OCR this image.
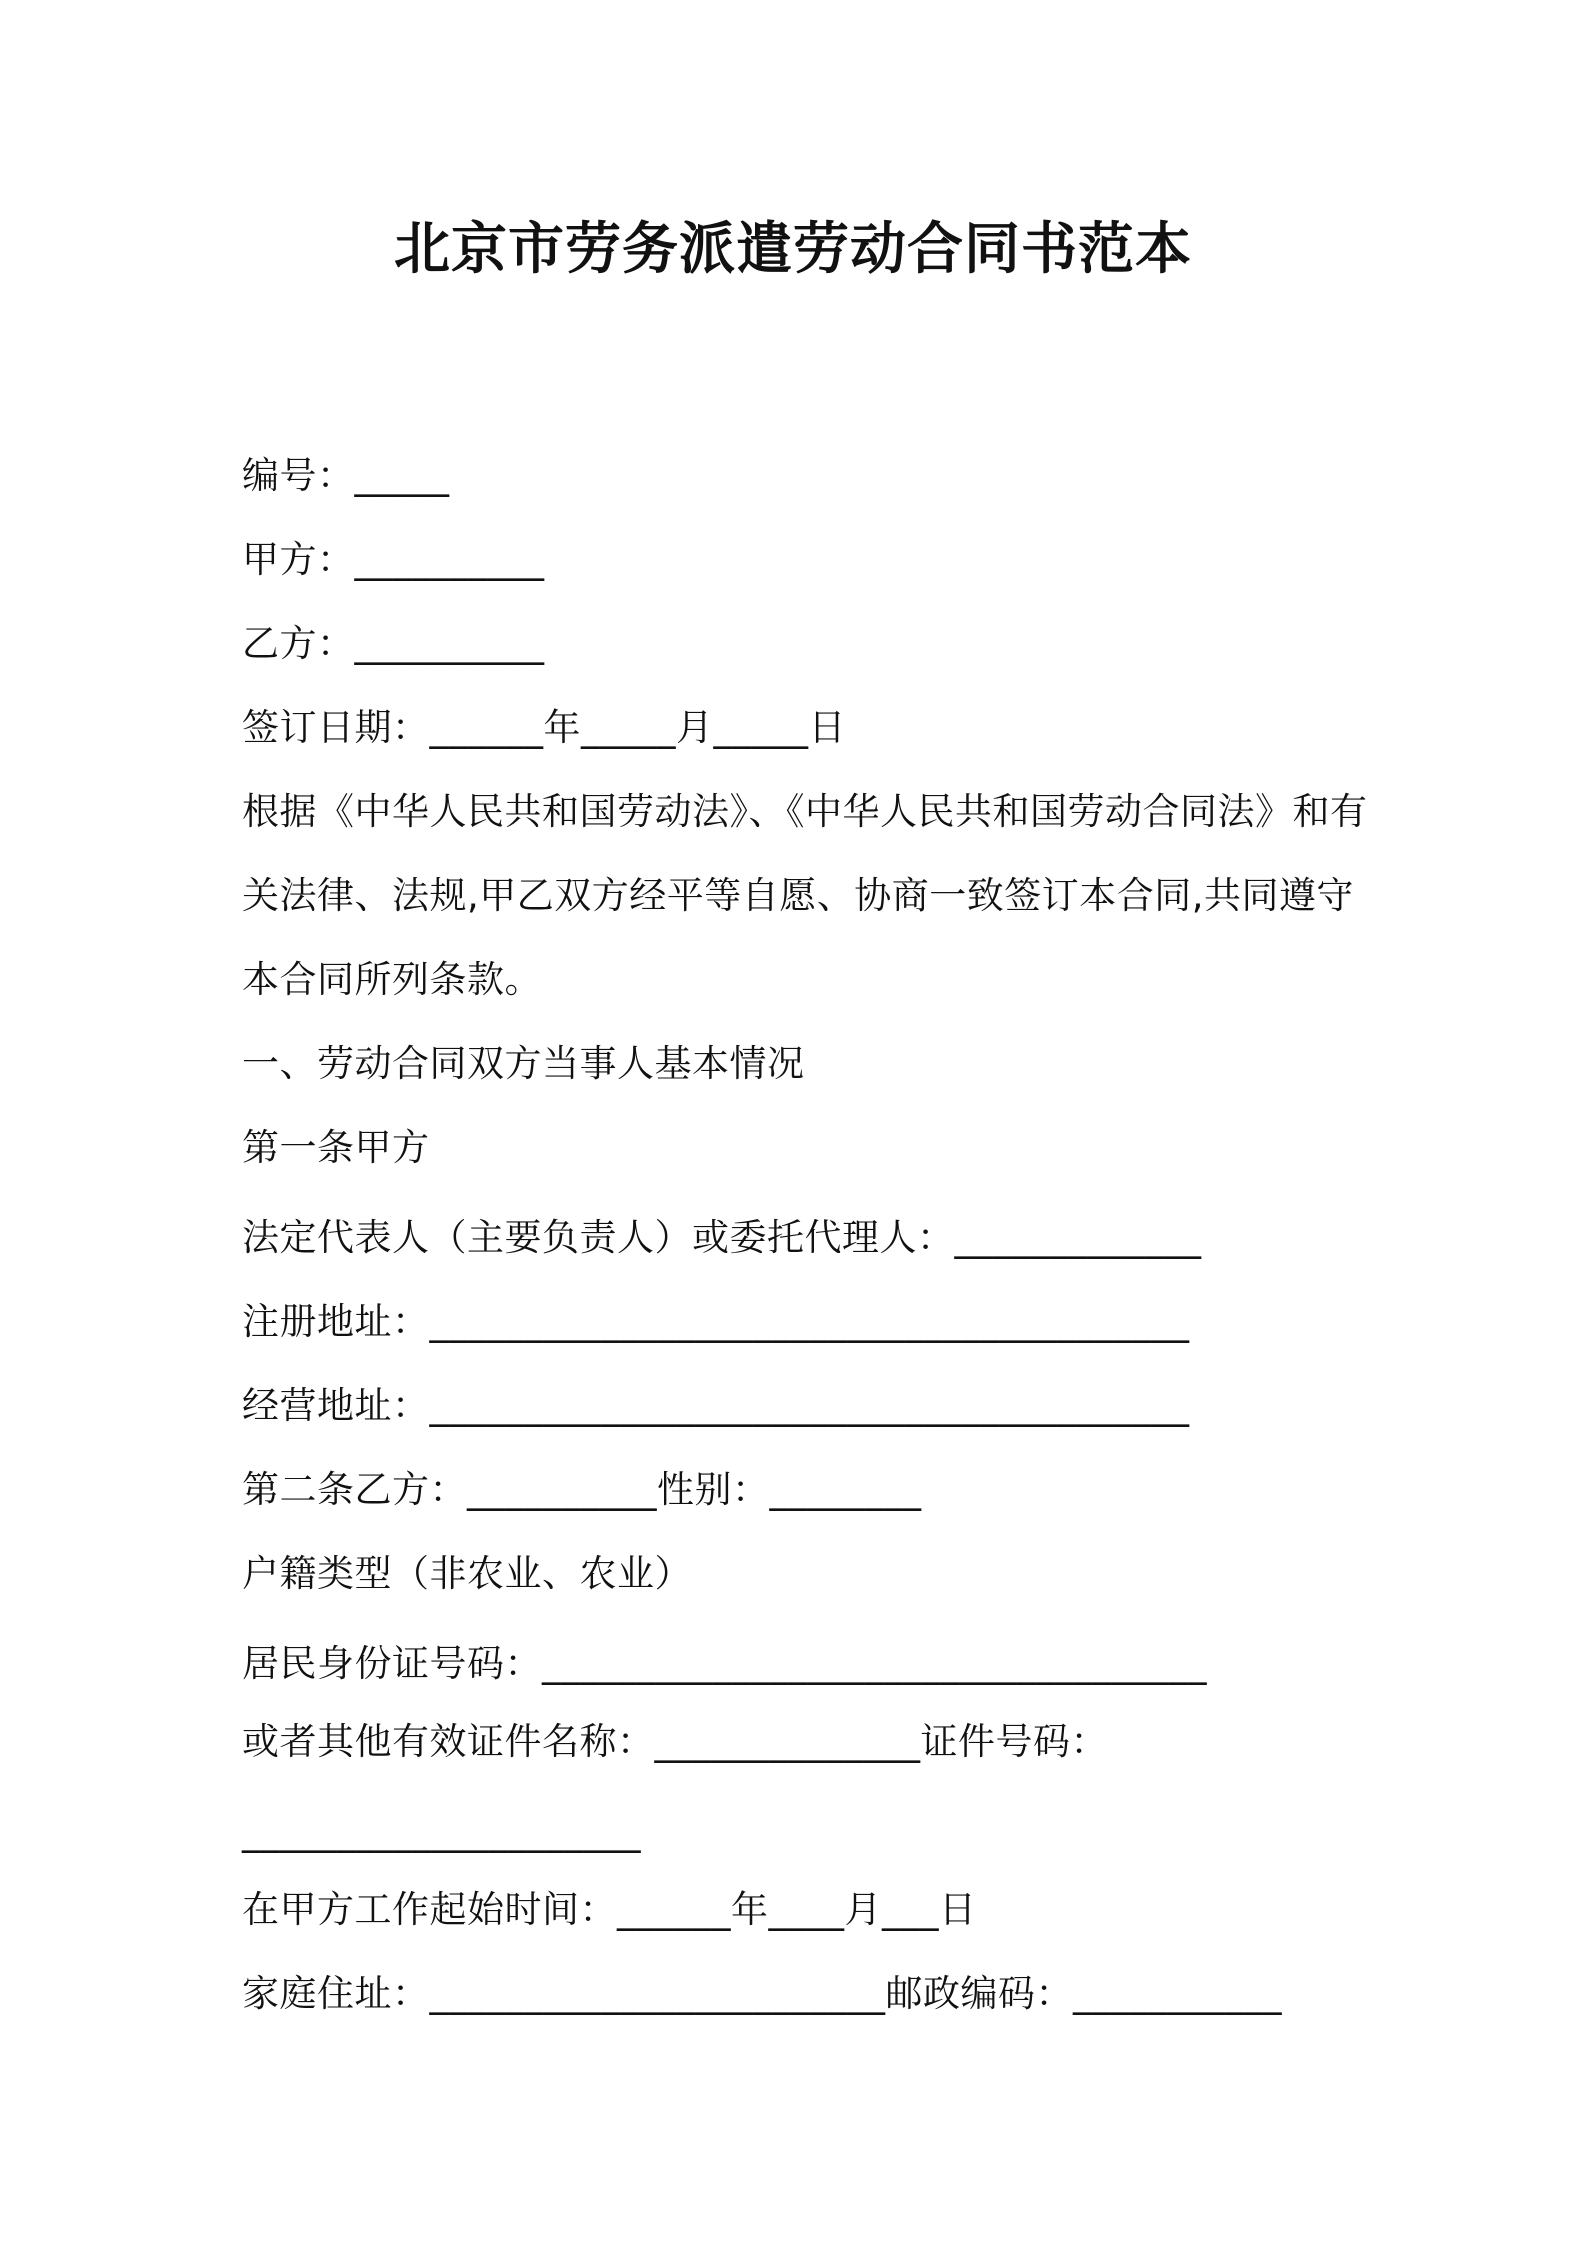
北京市劳务派遣劳动合同书范本
编号：_____
甲方：__________
乙方：__________
签订日期：______年_____月_____日
根据《中华人民共和国劳动法》、《中华人民共和国劳动合同法》和有
关法律、法规,甲乙双方经平等自愿、协商一致签订本合同,共同遵守
本合同所列条款。
一、劳动合同双方当事人基本情况
第一条甲方
法定代表人（主要负责人）或委托代理人：_____________
注册地址：________________________________________
经营地址：________________________________________
第二条乙方：__________性别：________
户籍类型（非农业、农业）
居民身份证号码：___________________________________
或者其他有效证件名称：______________证件号码：
_____________________
在甲方工作起始时间：______年____月___日
家庭住址：________________________邮政编码：___________
